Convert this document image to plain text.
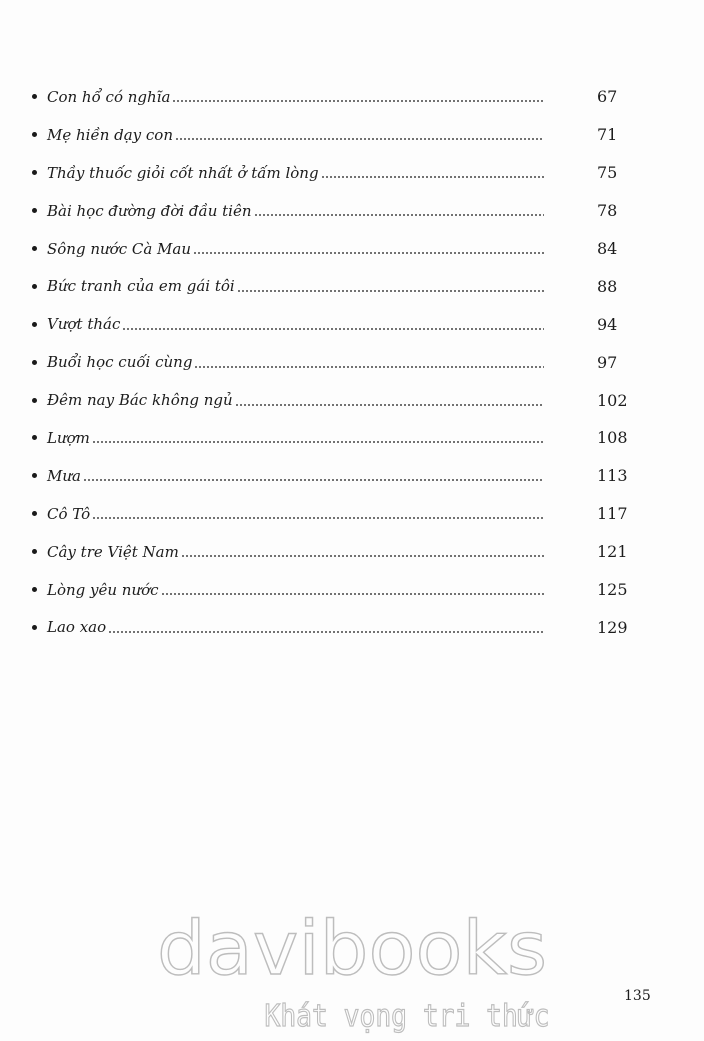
Con hổ có nghĩa	67
Mẹ hiền dạy con	71
Thầy thuốc giỏi cốt nhất ở tấm lòng	75
Bài học đường đời đầu tiên	78
Sông nước Cà Mau	84
Bức tranh của em gái tôi	88
Vượt thác	94
Buổi học cuối cùng	97
Đêm nay Bác không ngủ	102
Lượm	108
Mưa	113
Cô Tô	117
Cây tre Việt Nam	121
Lòng yêu nước	125
Lao xao	129
135
davibooks
Khát vọng tri thức
